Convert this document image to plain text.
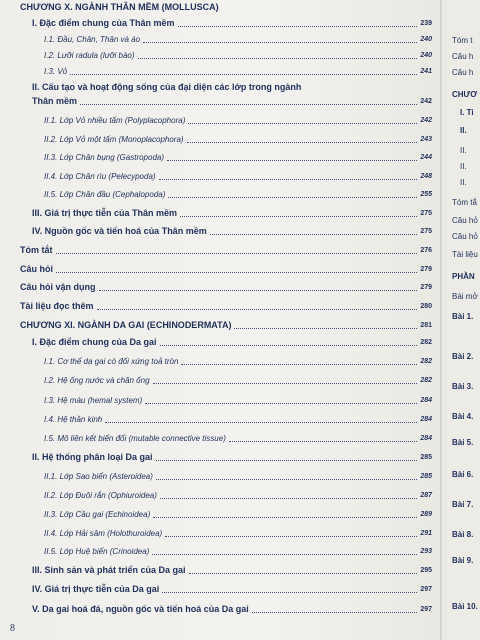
CHƯƠNG X. NGÀNH THÂN MỀM (MOLLUSCA)
I. Đặc điểm chung của Thân mềm	239
I.1. Đầu, Chân, Thân và áo	240
I.2. Lưỡi radula (lưỡi bào)	240
I.3. Vỏ	241
II. Cấu tạo và hoạt động sống của đại diện các lớp trong ngành
Thân mềm	242
II.1. Lớp Vỏ nhiều tấm (Polyplacophora)	242
II.2. Lớp Vỏ một tấm (Monoplacophora)	243
II.3. Lớp Chân bụng (Gastropoda)	244
II.4. Lớp Chân rìu (Pelecypoda)	248
II.5. Lớp Chân đầu (Cephalopoda)	255
III. Giá trị thực tiễn của Thân mềm	275
IV. Nguồn gốc và tiến hoá của Thân mềm	275
Tóm tắt	276
Câu hỏi	279
Câu hỏi vận dụng	279
Tài liệu đọc thêm	280
CHƯƠNG XI. NGÀNH DA GAI (ECHINODERMATA)	281
I. Đặc điểm chung của Da gai	282
I.1. Cơ thể da gai có đối xứng toả tròn	282
I.2. Hệ ống nước và chân ống	282
I.3. Hệ máu (hemal system)	284
I.4. Hệ thần kinh	284
I.5. Mô liên kết biến đổi (mutable connective tissue)	284
II. Hệ thống phân loại Da gai	285
II.1. Lớp Sao biển (Asteroidea)	285
II.2. Lớp Đuôi rắn (Ophiuroidea)	287
II.3. Lớp Cầu gai (Echinoidea)	289
II.4. Lớp Hải sâm (Holothuroidea)	291
II.5. Lớp Huệ biển (Crinoidea)	293
III. Sinh sản và phát triển của Da gai	295
IV. Giá trị thực tiễn của Da gai	297
V. Da gai hoá đá, nguồn gốc và tiến hoá của Da gai	297
Tóm t
Câu h
Câu h
CHƯƠ
I. Ti
II.
II.
II.
II.
Tóm tắ
Câu hỏ
Câu hỏ
Tài liệu
PHẦN
Bài mở
Bài 1.
Bài 2.
Bài 3.
Bài 4.
Bài 5.
Bài 6.
Bài 7.
Bài 8.
Bài 9.
Bài 10.
8
